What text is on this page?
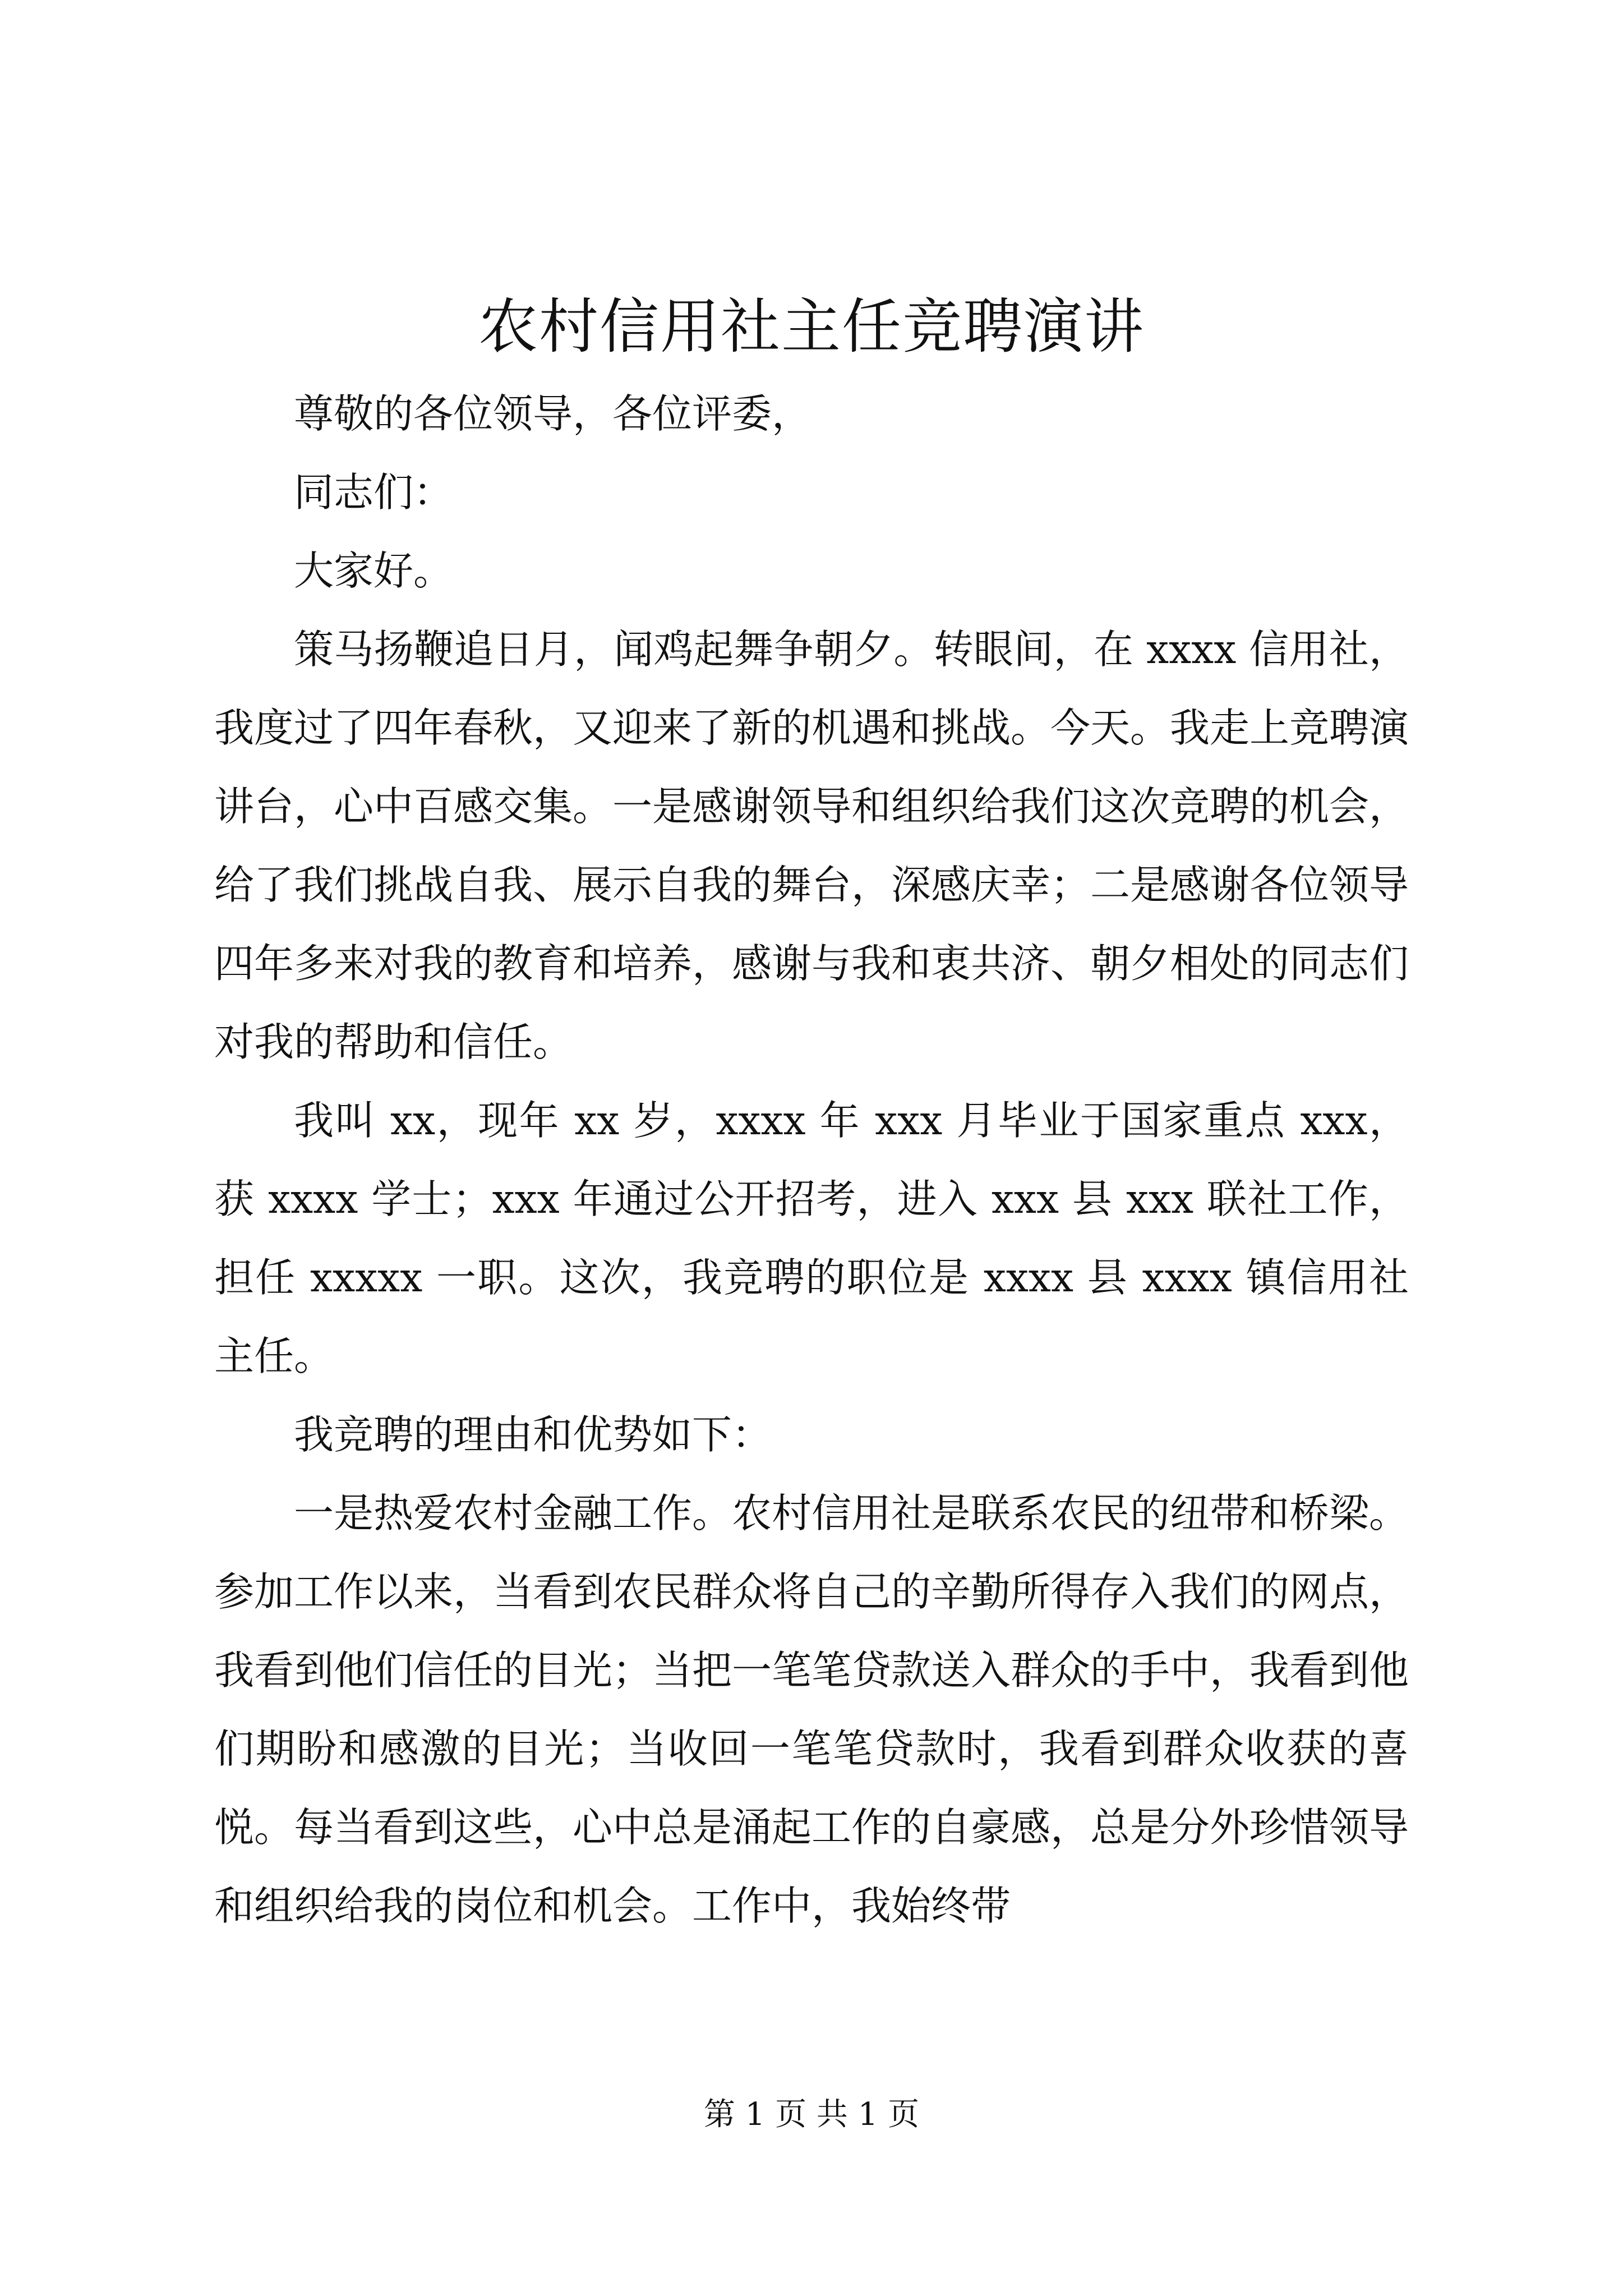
农村信用社主任竞聘演讲

尊敬的各位领导，各位评委，

同志们：

大家好。

策马扬鞭追日月，闻鸡起舞争朝夕。转眼间，在 xxxx 信用社，我度过了四年春秋，又迎来了新的机遇和挑战。今天。我走上竞聘演讲台，心中百感交集。一是感谢领导和组织给我们这次竞聘的机会，给了我们挑战自我、展示自我的舞台，深感庆幸；二是感谢各位领导四年多来对我的教育和培养，感谢与我和衷共济、朝夕相处的同志们对我的帮助和信任。

我叫 xx，现年 xx 岁，xxxx 年 xxx 月毕业于国家重点 xxx，获 xxxx 学士；xxx 年通过公开招考，进入 xxx 县 xxx 联社工作，担任 xxxxx 一职。这次，我竞聘的职位是 xxxx 县 xxxx 镇信用社主任。

我竞聘的理由和优势如下：

一是热爱农村金融工作。农村信用社是联系农民的纽带和桥梁。参加工作以来，当看到农民群众将自己的辛勤所得存入我们的网点，我看到他们信任的目光；当把一笔笔贷款送入群众的手中，我看到他们期盼和感激的目光；当收回一笔笔贷款时，我看到群众收获的喜悦。每当看到这些，心中总是涌起工作的自豪感，总是分外珍惜领导和组织给我的岗位和机会。工作中，我始终带

第 1 页 共 1 页
